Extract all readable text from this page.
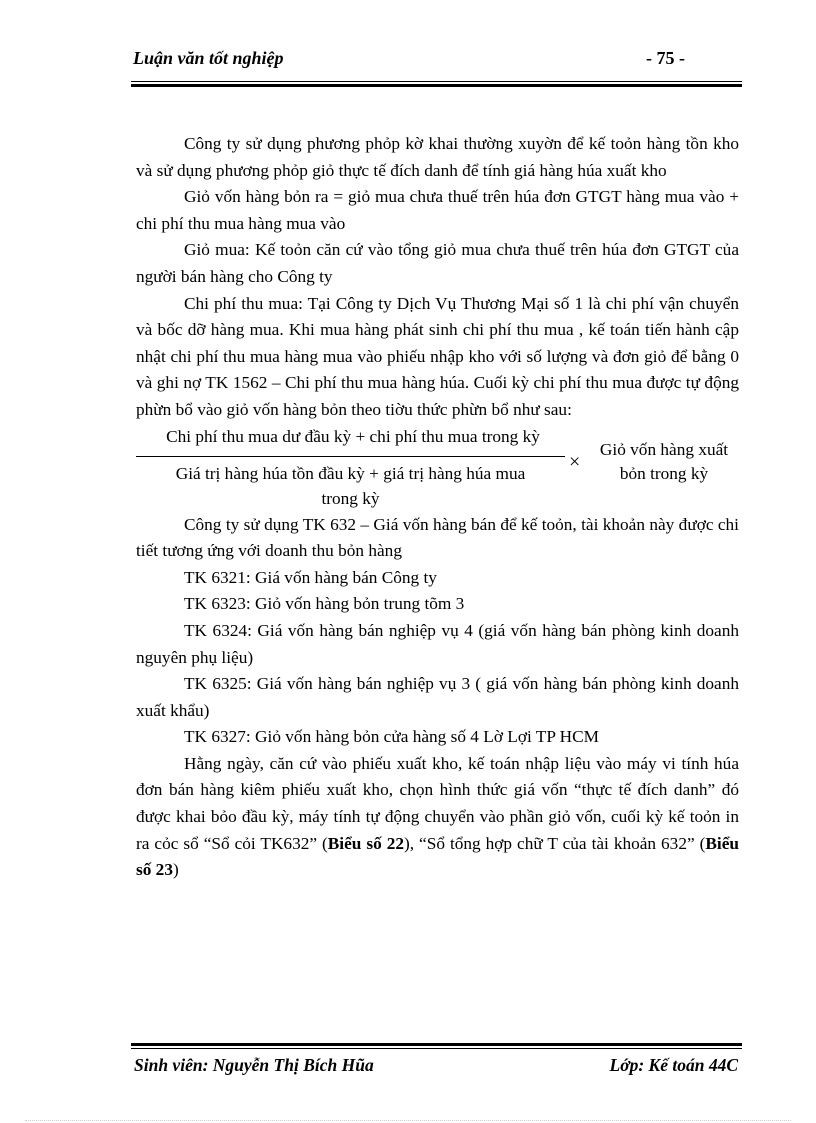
Luận văn tốt nghiệp	- 75 -

Công ty sử dụng phương phỏp kờ khai thường xuyờn để kế toỏn hàng tồn kho và sử dụng phương phỏp giỏ thực tế đích danh để tính giá hàng húa xuất kho

Giỏ vốn hàng bỏn ra = giỏ mua chưa thuế trên húa đơn GTGT hàng mua vào + chi phí thu mua hàng mua vào

Giỏ mua: Kế toỏn căn cứ vào tổng giỏ mua chưa thuế trên húa đơn GTGT của người bán hàng cho Công ty

Chi phí thu mua: Tại Công ty Dịch Vụ Thương Mại số 1 là chi phí vận chuyển và bốc dỡ hàng mua. Khi mua hàng phát sinh chi phí thu mua , kế toán tiến hành cập nhật chi phí thu mua hàng mua vào phiếu nhập kho với số lượng và đơn giỏ để bằng 0 và ghi nợ TK 1562 – Chi phí thu mua hàng húa. Cuối kỳ chi phí thu mua được tự động phừn bổ vào giỏ vốn hàng bỏn theo tiờu thức phừn bổ như sau:

Chi phí thu mua dư đầu kỳ + chi phí thu mua trong kỳ
Giá trị hàng húa tồn đầu kỳ + giá trị hàng húa mua
trong kỳ
×
Giỏ vốn hàng xuất
bỏn trong kỳ

Công ty sử dụng TK 632 – Giá vốn hàng bán để kế toỏn, tài khoản này được chi tiết tương ứng với doanh thu bỏn hàng

TK 6321: Giá vốn hàng bán Công ty

TK 6323: Giỏ vốn hàng bỏn trung tõm 3

TK 6324: Giá vốn hàng bán nghiệp vụ 4 (giá vốn hàng bán phòng kinh doanh nguyên phụ liệu)

TK 6325: Giá vốn hàng bán nghiệp vụ 3 ( giá vốn hàng bán phòng kinh doanh xuất khẩu)

TK 6327: Giỏ vốn hàng bỏn cửa hàng số 4 Lờ Lợi TP HCM

Hằng ngày, căn cứ vào phiếu xuất kho, kế toán nhập liệu vào máy vi tính húa đơn bán hàng kiêm phiếu xuất kho, chọn hình thức giá vốn “thực tế đích danh” đó được khai bỏo đầu kỳ, máy tính tự động chuyển vào phần giỏ vốn, cuối kỳ kế toỏn in ra cỏc sổ “Sổ cỏi TK632” (Biểu số 22), “Sổ tổng hợp chữ T của tài khoản 632” (Biểu số 23)

Sinh viên: Nguyễn Thị Bích Hũa	Lớp: Kế toán 44C
